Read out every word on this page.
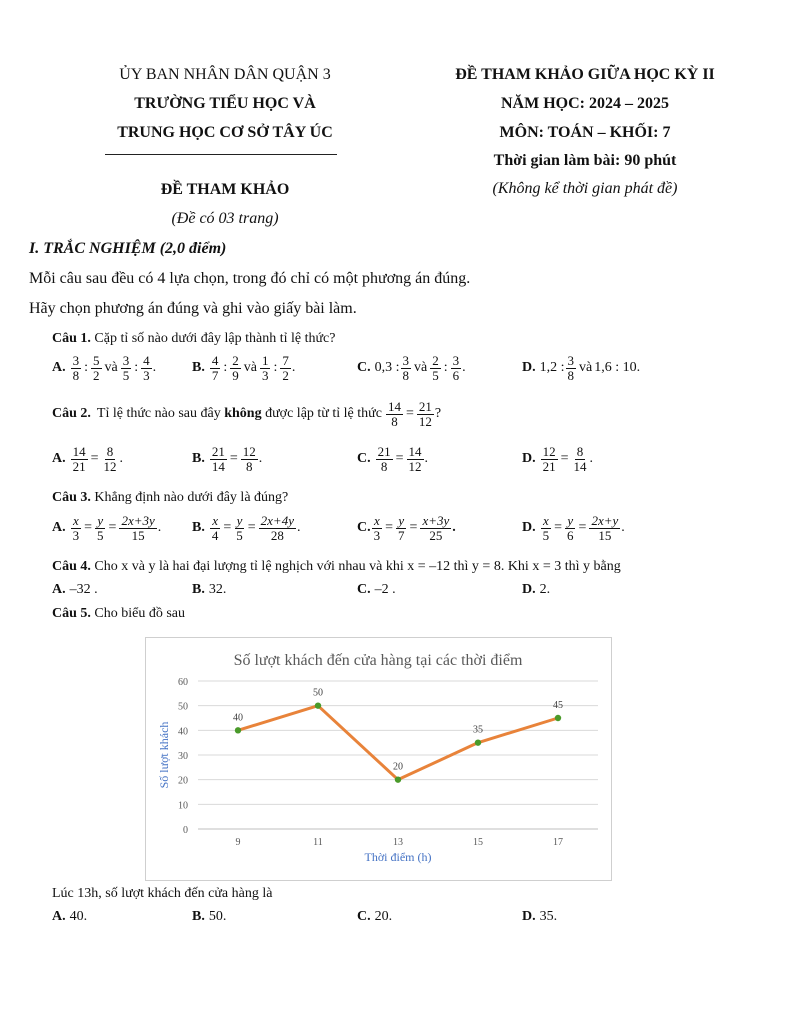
ỦY BAN NHÂN DÂN QUẬN 3
TRƯỜNG TIỂU HỌC VÀ
TRUNG HỌC CƠ SỞ TÂY ÚC
ĐỀ THAM KHẢO GIỮA HỌC KỲ II
NĂM HỌC: 2024 – 2025
MÔN: TOÁN – KHỐI: 7
Thời gian làm bài: 90 phút
(Không kể thời gian phát đề)
ĐỀ THAM KHẢO
(Đề có 03 trang)
I. TRẮC NGHIỆM (2,0 điểm)
Mỗi câu sau đều có 4 lựa chọn, trong đó chỉ có một phương án đúng.
Hãy chọn phương án đúng và ghi vào giấy bài làm.
Câu 1. Cặp tỉ số nào dưới đây lập thành tỉ lệ thức?
A. $\frac{3}{8}$ : $\frac{5}{2}$ và $\frac{3}{5}$ : $\frac{4}{3}$ .	B. $\frac{4}{7}$ : $\frac{2}{9}$ và $\frac{1}{3}$ : $\frac{7}{2}$ .	C. 0,3 : $\frac{3}{8}$ và $\frac{2}{5}$ : $\frac{3}{6}$ .	D. 1,2 : $\frac{3}{8}$ và 1,6 : 10 .
Câu 2. Tỉ lệ thức nào sau đây
không
được lập từ tỉ lệ thức $\frac{14}{8} = \frac{21}{12}$ ?
A. $\frac{14}{21} = \frac{8}{12}$ .	B. $\frac{21}{14} = \frac{12}{8}$ .	C. $\frac{21}{8} = \frac{14}{12}$ .	D. $\frac{12}{21} = \frac{8}{14}$ .
Câu 3. Khẳng định nào dưới đây là đúng?
A. $\frac{x}{3} = \frac{y}{5} = \frac{2x+3y}{15}$ . B. $\frac{x}{4} = \frac{y}{5} = \frac{2x+4y}{28}$ .	C. $\frac{x}{3} = \frac{y}{7} = \frac{x+3y}{25}$ .	D. $\frac{x}{5} = \frac{y}{6} = \frac{2x+y}{15}$ .
Câu 4. Cho x và y là hai đại lượng tỉ lệ nghịch với nhau và khi x = –12 thì y = 8. Khi x = 3 thì y bằng
A. –32 .	B. 32.	C. –2 .	D. 2.
Câu 5. Cho biểu đồ sau
Số lượt khách đến cửa hàng tại các thời điểm
0
10
20
30
40
50
60
9	11	13	15	17
Số lượt khách
Thời điểm (h)
40
50
20
35
45
Lúc 13h, số lượt khách đến cửa hàng là
A. 40.	B. 50.	C. 20.	D. 35.
